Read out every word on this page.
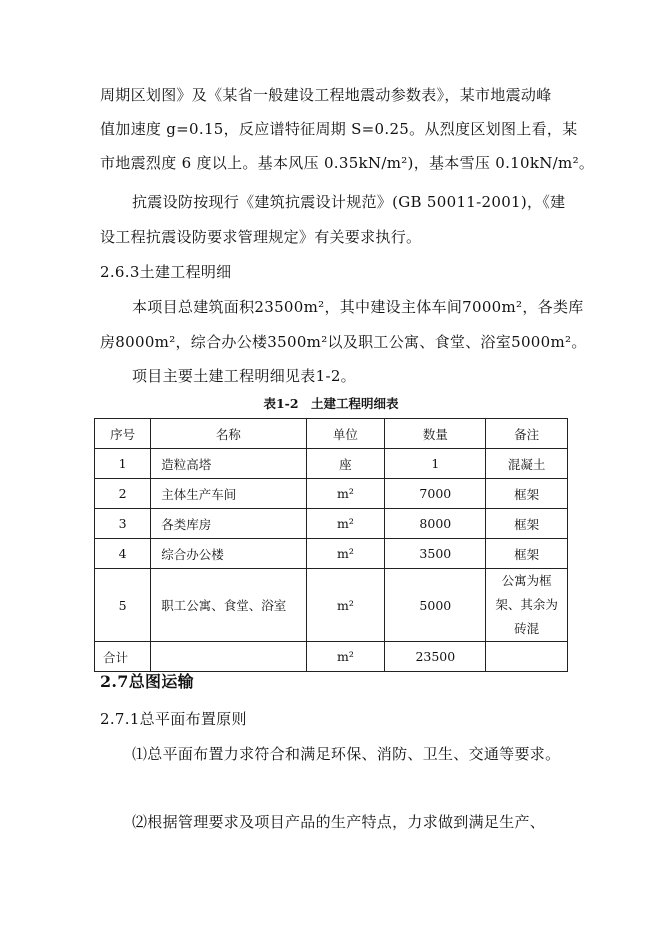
周期区划图》及《某省一般建设工程地震动参数表》，某市地震动峰
值加速度 g=0.15，反应谱特征周期 S=0.25。从烈度区划图上看，某
市地震烈度 6 度以上。基本风压 0.35kN/m²)，基本雪压 0.10kN/m²。
抗震设防按现行《建筑抗震设计规范》(GB 50011-2001)，《建
设工程抗震设防要求管理规定》有关要求执行。
2.6.3土建工程明细
本项目总建筑面积23500m²，其中建设主体车间7000m²，各类库
房8000m²，综合办公楼3500m²以及职工公寓、食堂、浴室5000m²。
项目主要土建工程明细见表1-2。
表1-2　土建工程明细表
序号	名称	单位	数量	备注
1	造粒高塔	座	1	混凝土
2	主体生产车间	m²	7000	框架
3	各类库房	m²	8000	框架
4	综合办公楼	m²	3500	框架
5	职工公寓、食堂、浴室	m²	5000	公寓为框架、其余为砖混
合计		m²	23500	
2.7总图运输
2.7.1总平面布置原则
⑴总平面布置力求符合和满足环保、消防、卫生、交通等要求。
⑵根据管理要求及项目产品的生产特点，力求做到满足生产、
